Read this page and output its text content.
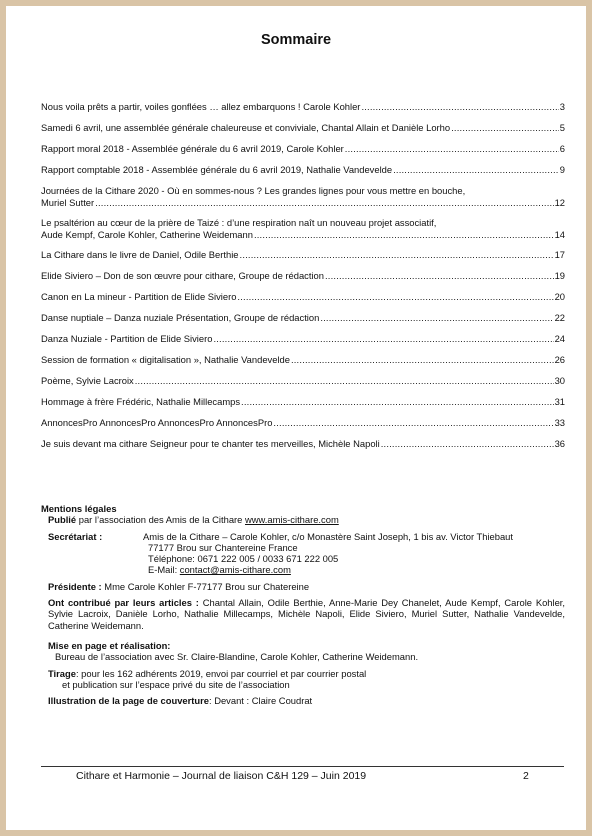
Sommaire
Nous voila prêts a partir, voiles gonflées … allez embarquons ! Carole Kohler .....	3
Samedi 6 avril, une assemblée générale chaleureuse et conviviale, Chantal Allain et Danièle Lorho .....	5
Rapport moral 2018 - Assemblée générale du 6 avril 2019, Carole Kohler .....	6
Rapport comptable 2018 - Assemblée générale du 6 avril 2019, Nathalie Vandevelde .....	9
Journées de la Cithare 2020 - Où en sommes-nous ? Les grandes lignes pour vous mettre en bouche,
Muriel Sutter .....	12
Le psaltérion au cœur de la prière de Taizé : d’une respiration naît un nouveau projet associatif,
Aude Kempf, Carole Kohler, Catherine Weidemann .....	14
La Cithare dans le livre de Daniel, Odile Berthie .....	17
Elide Siviero – Don de son œuvre pour cithare, Groupe de rédaction .....	19
Canon en La mineur - Partition de Elide Siviero .....	20
Danse nuptiale – Danza nuziale Présentation, Groupe de rédaction .....	22
Danza Nuziale - Partition de Elide Siviero .....	24
Session de formation « digitalisation », Nathalie Vandevelde .....	26
Poème, Sylvie Lacroix .....	30
Hommage à frère Frédéric, Nathalie Millecamps .....	31
AnnoncesPro AnnoncesPro AnnoncesPro AnnoncesPro .....	33
Je suis devant ma cithare Seigneur pour te chanter tes merveilles, Michèle Napoli .....	36
Mentions légales
Publié par l’association des Amis de la Cithare www.amis-cithare.com
Secrétariat :	Amis de la Cithare – Carole Kohler, c/o Monastère Saint Joseph, 1 bis av. Victor Thiebaut
77177 Brou sur Chantereine France
Téléphone: 0671 222 005 / 0033 671 222 005
E-Mail: contact@amis-cithare.com
Présidente : Mme Carole Kohler F-77177 Brou sur Chatereine
Ont contribué par leurs articles : Chantal Allain, Odile Berthie, Anne-Marie Dey Chanelet, Aude Kempf, Carole Kohler, Sylvie Lacroix, Danièle Lorho, Nathalie Millecamps, Michèle Napoli, Elide Siviero, Muriel Sutter, Nathalie Vandevelde, Catherine Weidemann.
Mise en page et réalisation:
Bureau de l’association avec Sr. Claire-Blandine, Carole Kohler, Catherine Weidemann.
Tirage: pour les 162 adhérents 2019, envoi par courriel et par courrier postal
et publication sur l’espace privé du site de l’association
Illustration de la page de couverture: Devant : Claire Coudrat
Cithare et Harmonie – Journal de liaison C&H 129 – Juin 2019	2
